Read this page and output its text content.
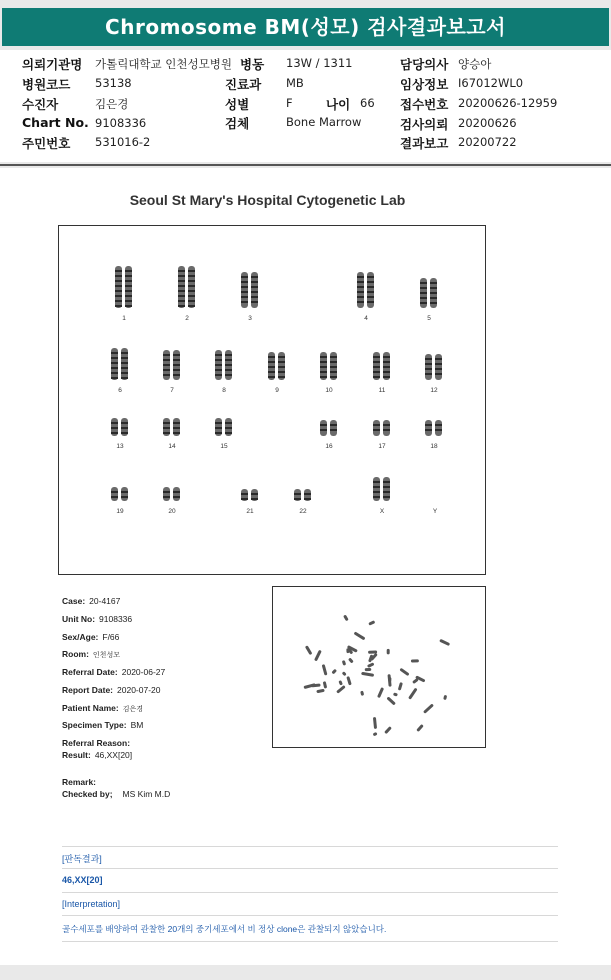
Chromosome BM(성모) 검사결과보고서
의뢰기관명 가톨릭대학교 인천성모병원
병원코드 53138
수진자	김은경
Chart No. 9108336
주민번호 531016-2
병동 13W / 1311
진료과 MB
성별	F	나이 66
검체	Bone Marrow
담당의사 양승아
임상정보 I67012WL0
접수번호 20200626-12959
검사의뢰 20200626
결과보고 20200722
Seoul St Mary's Hospital Cytogenetic Lab
1	2	3	4	5
6	7	8	9	10	11	12
13	14	15	16	17	18
19	20	21	22	X	Y
Case: 20-4167
Unit No: 9108336
Sex/Age: F/66
Room: 인천성모
Referral Date: 2020-06-27
Report Date: 2020-07-20
Patient Name: 김은경
Specimen Type: BM
Referral Reason:
Result: 46,XX[20]
Remark:
Checked by; MS Kim M.D
[판독결과]
46,XX[20]
[Interpretation]
골수세포를 배양하여 관찰한 20개의 중기세포에서 비 정상 clone은 관찰되지 않았습니다.
